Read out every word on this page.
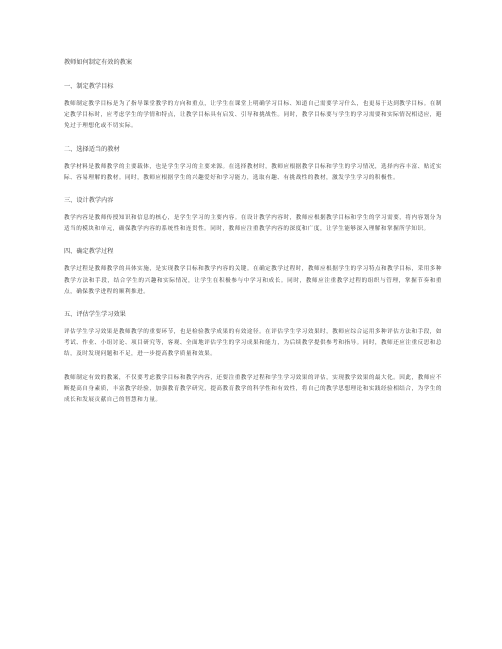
教师如何制定有效的教案
一、制定教学目标

教师制定教学目标是为了指导课堂教学的方向和重点，让学生在课堂上明确学习目标、知道自己需要学习什么，也更易于达到教学目标。在制定教学目标时，应考虑学生的学情和特点，让教学目标具有启发、引导和挑战性。同时，教学目标要与学生的学习需要和实际情况相适应，避免过于理想化或不切实际。

二、选择适当的教材

教学材料是教师教学的主要载体，也是学生学习的主要来源。在选择教材时，教师应根据教学目标和学生的学习情况，选择内容丰富、贴近实际、容易理解的教材。同时，教师应根据学生的兴趣爱好和学习能力，选取有趣、有挑战性的教材，激发学生学习的积极性。

三、设计教学内容

教学内容是教师传授知识和信息的核心，是学生学习的主要内容。在设计教学内容时，教师应根据教学目标和学生的学习需要，将内容划分为适当的模块和单元，确保教学内容的系统性和连贯性。同时，教师应注重教学内容的深度和广度，让学生能够深入理解和掌握所学知识。

四、确定教学过程

教学过程是教师教学的具体实施，是实现教学目标和教学内容的关键。在确定教学过程时，教师应根据学生的学习特点和教学目标，采用多种教学方法和手段，结合学生的兴趣和实际情况，让学生在积极参与中学习和成长。同时，教师应注重教学过程的组织与管理，掌握节奏和重点，确保教学进程的顺利推进。

五、评估学生学习效果

评估学生学习效果是教师教学的重要环节，也是检验教学成果的有效途径。在评估学生学习效果时，教师应综合运用多种评估方法和手段，如考试、作业、小组讨论、项目研究等，客观、全面地评估学生的学习成果和能力，为后续教学提供参考和指导。同时，教师还应注重反思和总结，及时发现问题和不足，进一步提高教学质量和效果。

教师制定有效的教案，不仅要考虑教学目标和教学内容，还要注重教学过程和学生学习效果的评估，实现教学效果的最大化。因此，教师应不断提高自身素质，丰富教学经验，加强教育教学研究，提高教育教学的科学性和有效性，将自己的教学思想理论和实践经验相结合，为学生的成长和发展贡献自己的智慧和力量。
